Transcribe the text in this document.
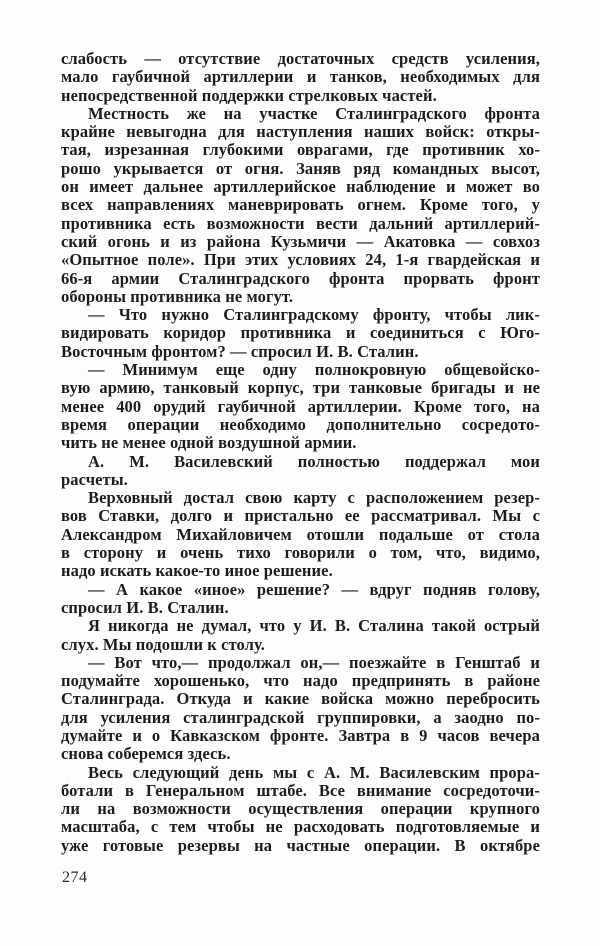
слабость — отсутствие достаточных средств усиления,
мало гаубичной артиллерии и танков, необходимых для
непосредственной поддержки стрелковых частей.
Местность же на участке Сталинградского фронта
крайне невыгодна для наступления наших войск: откры-
тая, изрезанная глубокими оврагами, где противник хо-
рошо укрывается от огня. Заняв ряд командных высот,
он имеет дальнее артиллерийское наблюдение и может во
всех направлениях маневрировать огнем. Кроме того, у
противника есть возможности вести дальний артиллерий-
ский огонь и из района Кузьмичи — Акатовка — совхоз
«Опытное поле». При этих условиях 24, 1-я гвардейская и
66-я армии Сталинградского фронта прорвать фронт
обороны противника не могут.
— Что нужно Сталинградскому фронту, чтобы лик-
видировать коридор противника и соединиться с Юго-
Восточным фронтом? — спросил И. В. Сталин.
— Минимум еще одну полнокровную общевойско-
вую армию, танковый корпус, три танковые бригады и не
менее 400 орудий гаубичной артиллерии. Кроме того, на
время операции необходимо дополнительно сосредото-
чить не менее одной воздушной армии.
А. М. Василевский полностью поддержал мои
расчеты.
Верховный достал свою карту с расположением резер-
вов Ставки, долго и пристально ее рассматривал. Мы с
Александром Михайловичем отошли подальше от стола
в сторону и очень тихо говорили о том, что, видимо,
надо искать какое-то иное решение.
— А какое «иное» решение? — вдруг подняв голову,
спросил И. В. Сталин.
Я никогда не думал, что у И. В. Сталина такой острый
слух. Мы подошли к столу.
— Вот что,— продолжал он,— поезжайте в Генштаб и
подумайте хорошенько, что надо предпринять в районе
Сталинграда. Откуда и какие войска можно перебросить
для усиления сталинградской группировки, а заодно по-
думайте и о Кавказском фронте. Завтра в 9 часов вечера
снова соберемся здесь.
Весь следующий день мы с А. М. Василевским прора-
ботали в Генеральном штабе. Все внимание сосредоточи-
ли на возможности осуществления операции крупного
масштаба, с тем чтобы не расходовать подготовляемые и
уже готовые резервы на частные операции. В октябре
274
